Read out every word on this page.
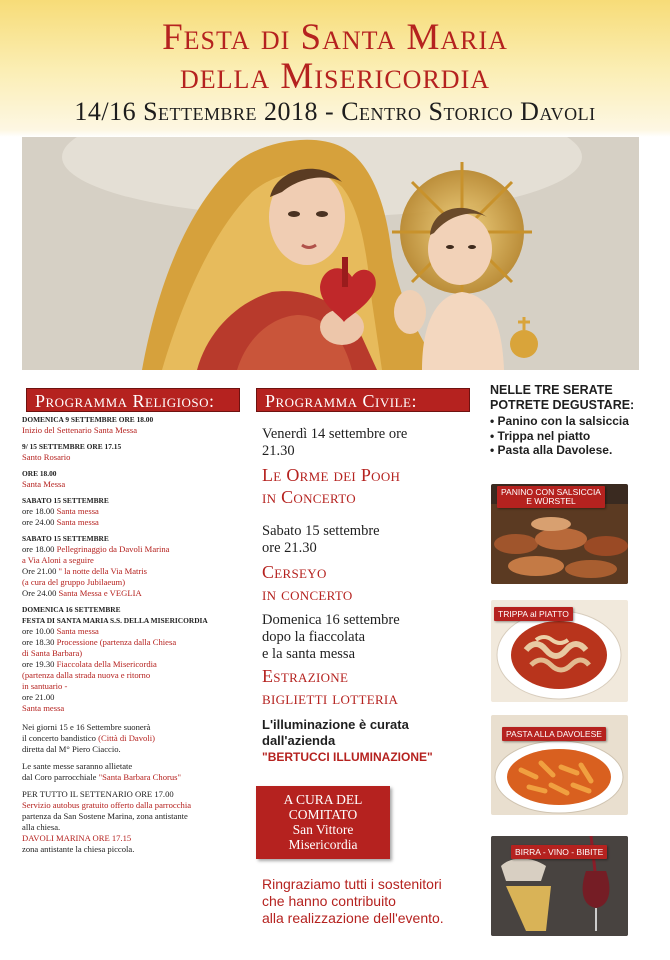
Festa di Santa Maria
della Misericordia
14/16 Settembre 2018 - Centro Storico Davoli
Programma Religioso:
DOMENICA 9 SETTEMBRE ORE 18.00
Inizio del Settenario Santa Messa
9/ 15 SETTEMBRE ORE 17.15
Santo Rosario
ORE 18.00
Santa Messa
SABATO 15 SETTEMBRE
ore 18.00 Santa messa
ore 24.00 Santa messa
SABATO 15 SETTEMBRE
ore 18.00 Pellegrinaggio da Davoli Marina
a Via Aloni a seguire
Ore 21.00 " la notte della Via Matris
(a cura del gruppo Jubilaeum)
Ore 24.00 Santa Messa e VEGLIA
DOMENICA 16 SETTEMBRE
FESTA DI SANTA MARIA S.S. DELLA MISERICORDIA
ore 10.00 Santa messa
ore 18.30 Processione (partenza dalla Chiesa
di Santa Barbara)
ore 19.30 Fiaccolata della Misericordia
(partenza dalla strada nuova e ritorno
in santuario -
ore 21.00
Santa messa
Nei giorni 15 e 16 Settembre suonerà
il concerto bandistico (Città di Davoli)
diretta dal M° Piero Ciaccio.
Le sante messe saranno allietate
dal Coro parrocchiale "Santa Barbara Chorus"
PER TUTTO IL SETTENARIO ORE 17.00
Servizio autobus gratuito offerto dalla parrocchia
partenza da San Sostene Marina, zona antistante
alla chiesa.
DAVOLI MARINA ORE 17.15
zona antistante la chiesa piccola.
Programma Civile:
Venerdì 14 settembre ore
21.30
Le Orme dei Pooh
in Concerto
Sabato 15 settembre
ore 21.30
Cerseyo
in concerto
Domenica 16 settembre
dopo la fiaccolata
e la santa messa
Estrazione
biglietti lotteria
L'illuminazione è curata
dall'azienda
"BERTUCCI ILLUMINAZIONE"
A CURA DEL
COMITATO
San Vittore
Misericordia
Ringraziamo tutti i sostenitori
che hanno contribuito
alla realizzazione dell'evento.
NELLE TRE SERATE
POTRETE DEGUSTARE:
• Panino con la salsiccia
• Trippa nel piatto
• Pasta alla Davolese.
PANINO CON SALSICCIA
E WÜRSTEL
TRIPPA al PIATTO
PASTA ALLA DAVOLESE
BIRRA - VINO - BIBITE
